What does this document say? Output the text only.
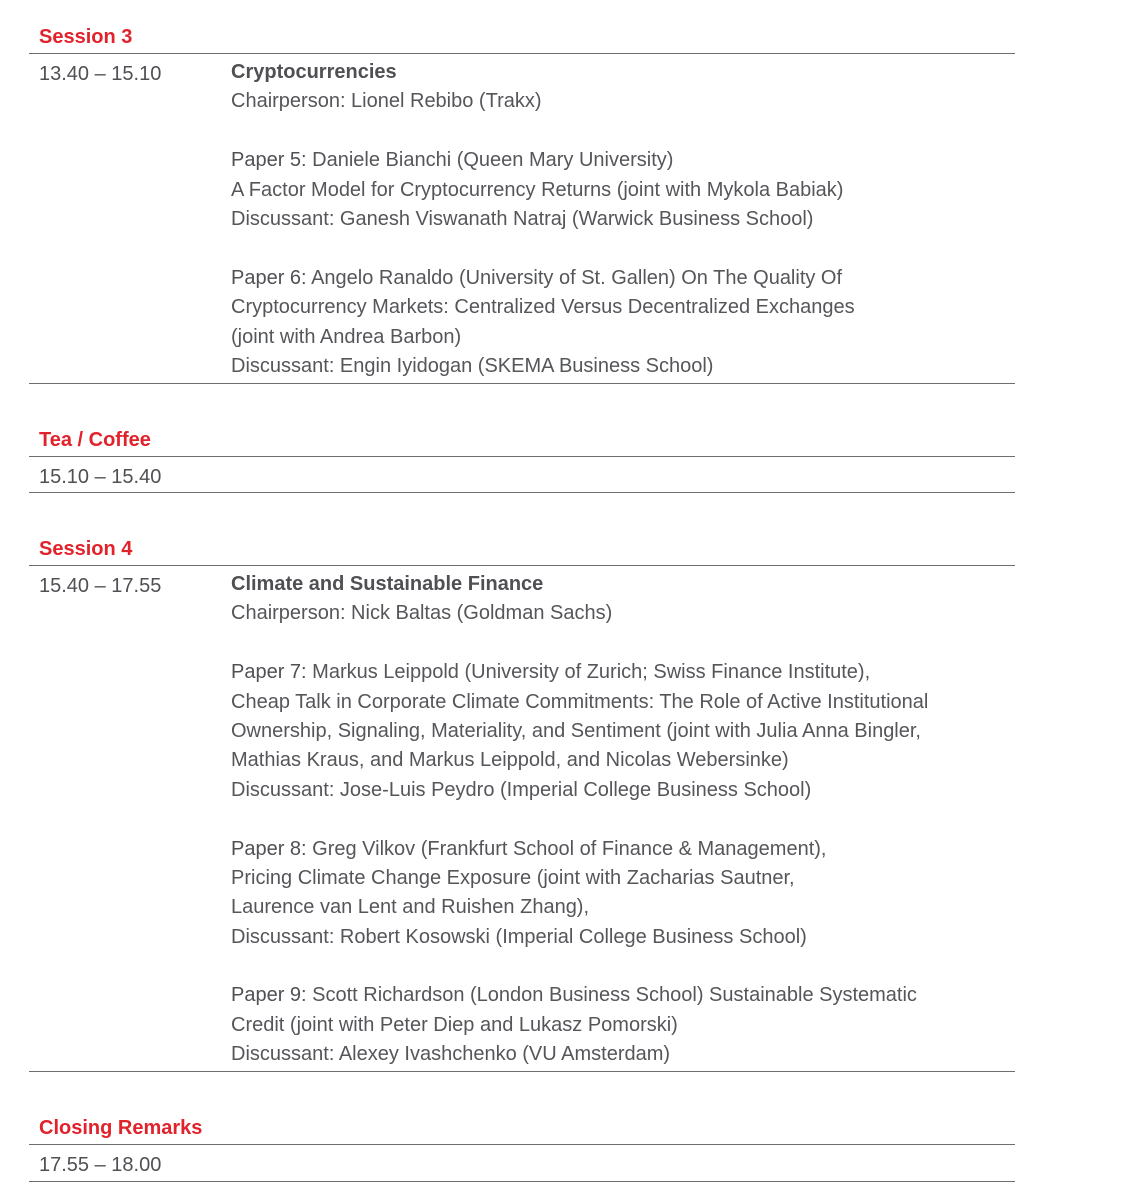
Session 3
13.40 – 15.10	Cryptocurrencies
Chairperson: Lionel Rebibo (Trakx)
Paper 5: Daniele Bianchi (Queen Mary University)
A Factor Model for Cryptocurrency Returns (joint with Mykola Babiak)
Discussant: Ganesh Viswanath Natraj (Warwick Business School)
Paper 6: Angelo Ranaldo (University of St. Gallen) On The Quality Of
Cryptocurrency Markets: Centralized Versus Decentralized Exchanges
(joint with Andrea Barbon)
Discussant: Engin Iyidogan (SKEMA Business School)
Tea / Coffee
15.10 – 15.40
Session 4
15.40 – 17.55	Climate and Sustainable Finance
Chairperson: Nick Baltas (Goldman Sachs)
Paper 7: Markus Leippold (University of Zurich; Swiss Finance Institute),
Cheap Talk in Corporate Climate Commitments: The Role of Active Institutional
Ownership, Signaling, Materiality, and Sentiment (joint with Julia Anna Bingler,
Mathias Kraus, and Markus Leippold, and Nicolas Webersinke)
Discussant: Jose-Luis Peydro (Imperial College Business School)
Paper 8: Greg Vilkov (Frankfurt School of Finance & Management),
Pricing Climate Change Exposure (joint with Zacharias Sautner,
Laurence van Lent and Ruishen Zhang),
Discussant: Robert Kosowski (Imperial College Business School)
Paper 9: Scott Richardson (London Business School) Sustainable Systematic
Credit (joint with Peter Diep and Lukasz Pomorski)
Discussant: Alexey Ivashchenko (VU Amsterdam)
Closing Remarks
17.55 – 18.00
